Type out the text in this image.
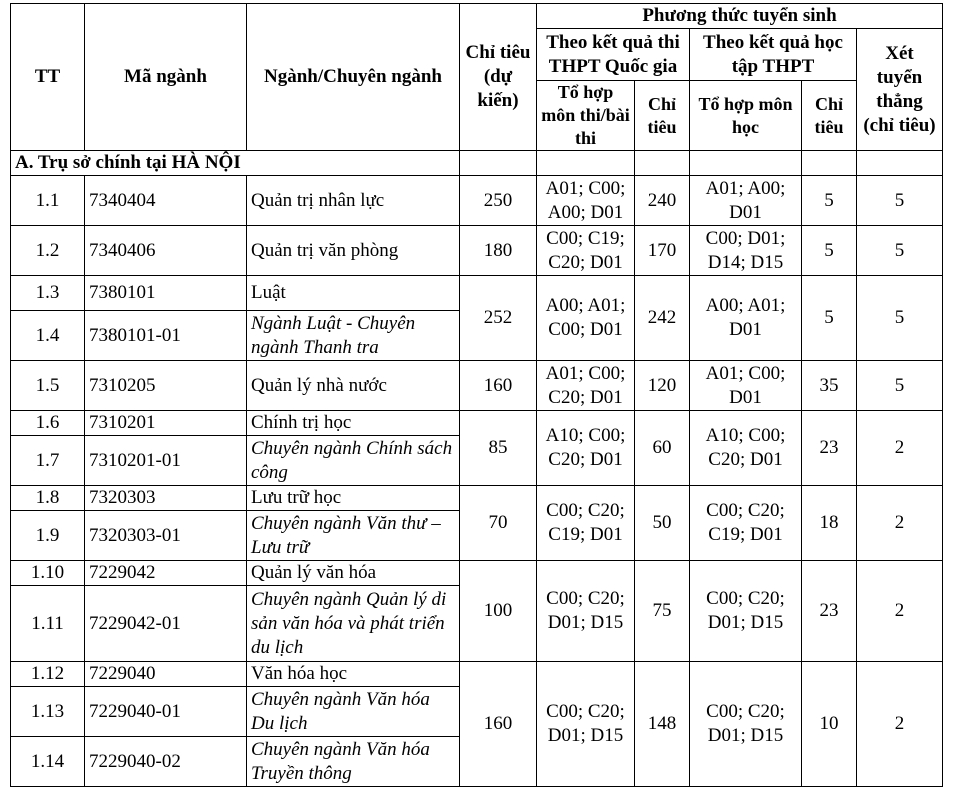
TT	Mã ngành	Ngành/Chuyên ngành	Chỉ tiêu (dự kiến)	Phương thức tuyển sinh				
				Theo kết quả thi THPT Quốc gia		Theo kết quả học tập THPT		Xét tuyển thẳng (chỉ tiêu)
				Tổ hợp môn thi/bài thi	Chỉ tiêu	Tổ hợp môn học	Chỉ tiêu	
A. Trụ sở chính tại HÀ NỘI								
1.1	7340404	Quản trị nhân lực	250	A01; C00; A00; D01	240	A01; A00; D01	5	5
1.2	7340406	Quản trị văn phòng	180	C00; C19; C20; D01	170	C00; D01; D14; D15	5	5
1.3	7380101	Luật	252	A00; A01; C00; D01	242	A00; A01; D01	5	5
1.4	7380101-01	Ngành Luật - Chuyên ngành Thanh tra						
1.5	7310205	Quản lý nhà nước	160	A01; C00; C20; D01	120	A01; C00; D01	35	5
1.6	7310201	Chính trị học	85	A10; C00; C20; D01	60	A10; C00; C20; D01	23	2
1.7	7310201-01	Chuyên ngành Chính sách công						
1.8	7320303	Lưu trữ học	70	C00; C20; C19; D01	50	C00; C20; C19; D01	18	2
1.9	7320303-01	Chuyên ngành Văn thư – Lưu trữ						
1.10	7229042	Quản lý văn hóa	100	C00; C20; D01; D15	75	C00; C20; D01; D15	23	2
1.11	7229042-01	Chuyên ngành Quản lý di sản văn hóa và phát triển du lịch						
1.12	7229040	Văn hóa học	160	C00; C20; D01; D15	148	C00; C20; D01; D15	10	2
1.13	7229040-01	Chuyên ngành Văn hóa Du lịch						
1.14	7229040-02	Chuyên ngành Văn hóa Truyền thông						
